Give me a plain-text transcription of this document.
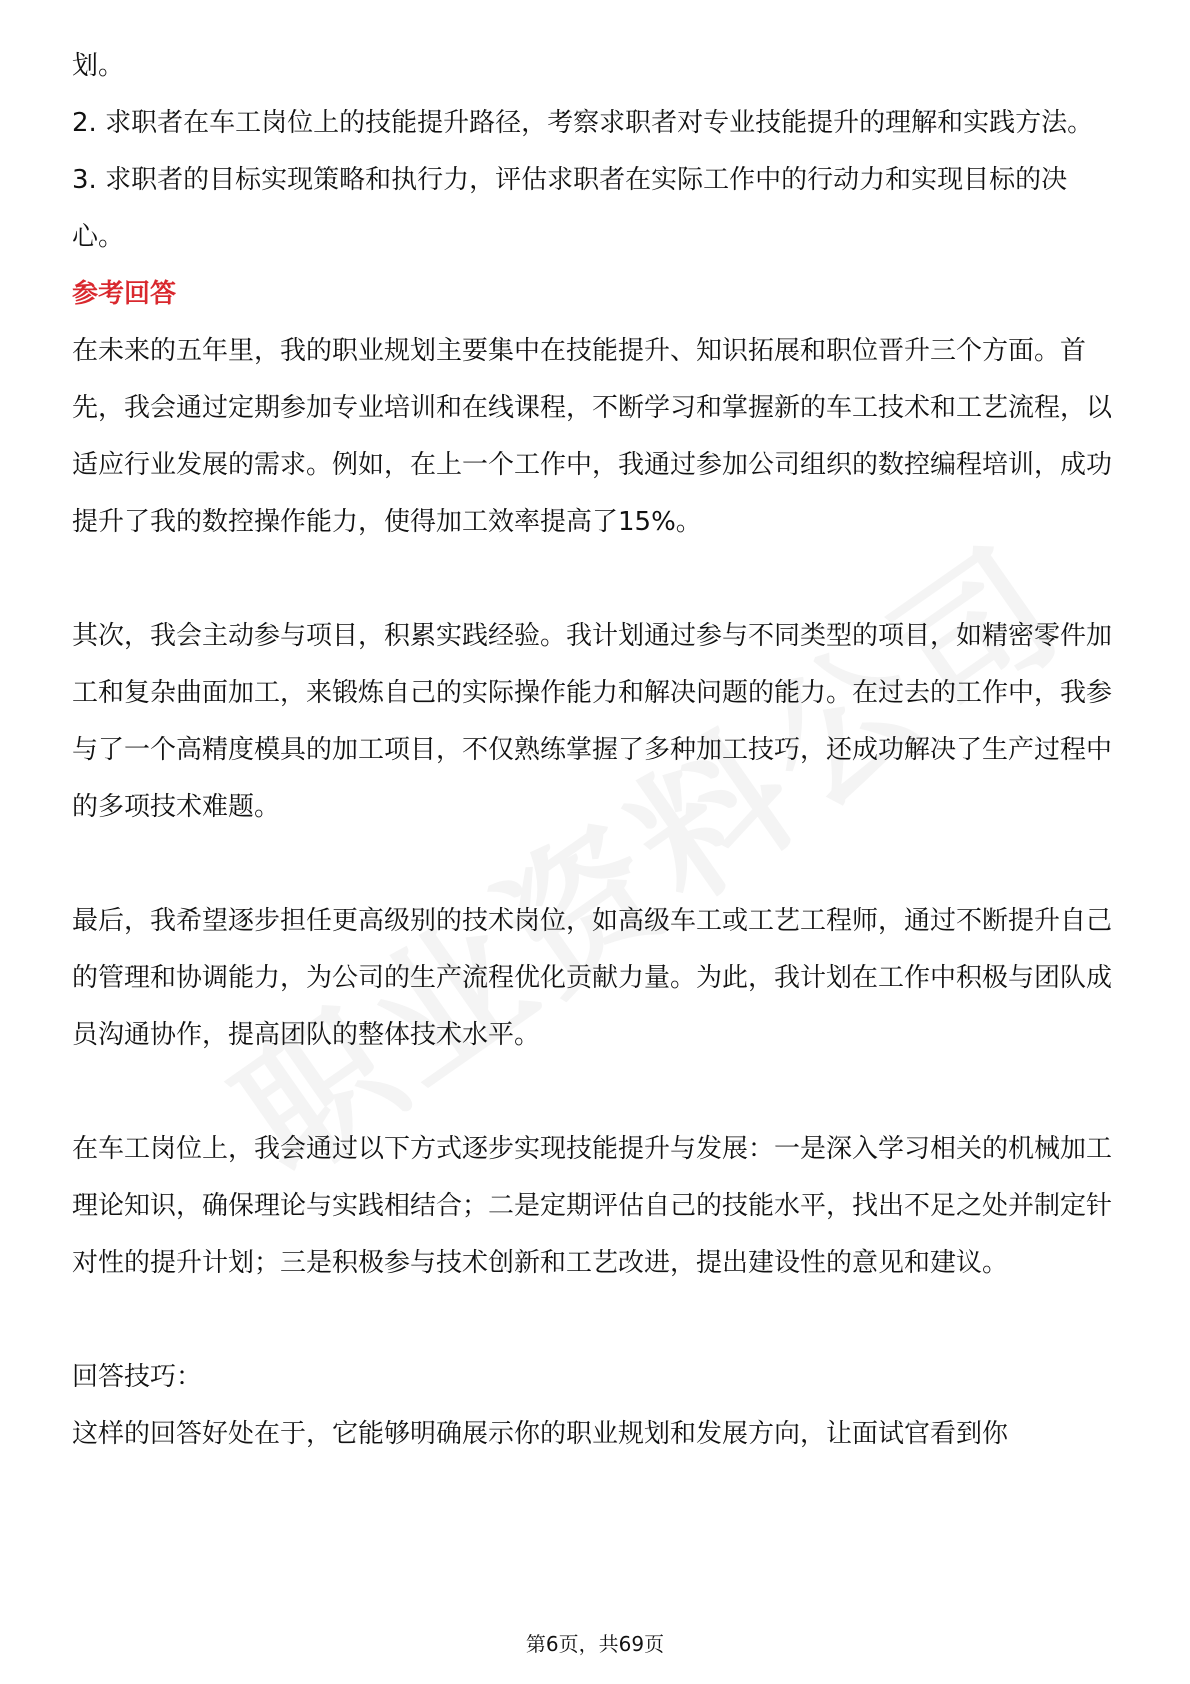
划。

2. 求职者在车工岗位上的技能提升路径，考察求职者对专业技能提升的理解和实践方法。

3. 求职者的目标实现策略和执行力，评估求职者在实际工作中的行动力和实现目标的决心。

参考回答

在未来的五年里，我的职业规划主要集中在技能提升、知识拓展和职位晋升三个方面。首先，我会通过定期参加专业培训和在线课程，不断学习和掌握新的车工技术和工艺流程，以适应行业发展的需求。例如，在上一个工作中，我通过参加公司组织的数控编程培训，成功提升了我的数控操作能力，使得加工效率提高了15%。

其次，我会主动参与项目，积累实践经验。我计划通过参与不同类型的项目，如精密零件加工和复杂曲面加工，来锻炼自己的实际操作能力和解决问题的能力。在过去的工作中，我参与了一个高精度模具的加工项目，不仅熟练掌握了多种加工技巧，还成功解决了生产过程中的多项技术难题。

最后，我希望逐步担任更高级别的技术岗位，如高级车工或工艺工程师，通过不断提升自己的管理和协调能力，为公司的生产流程优化贡献力量。为此，我计划在工作中积极与团队成员沟通协作，提高团队的整体技术水平。

在车工岗位上，我会通过以下方式逐步实现技能提升与发展：一是深入学习相关的机械加工理论知识，确保理论与实践相结合；二是定期评估自己的技能水平，找出不足之处并制定针对性的提升计划；三是积极参与技术创新和工艺改进，提出建设性的意见和建议。

回答技巧：

这样的回答好处在于，它能够明确展示你的职业规划和发展方向，让面试官看到你

第6页，共69页
